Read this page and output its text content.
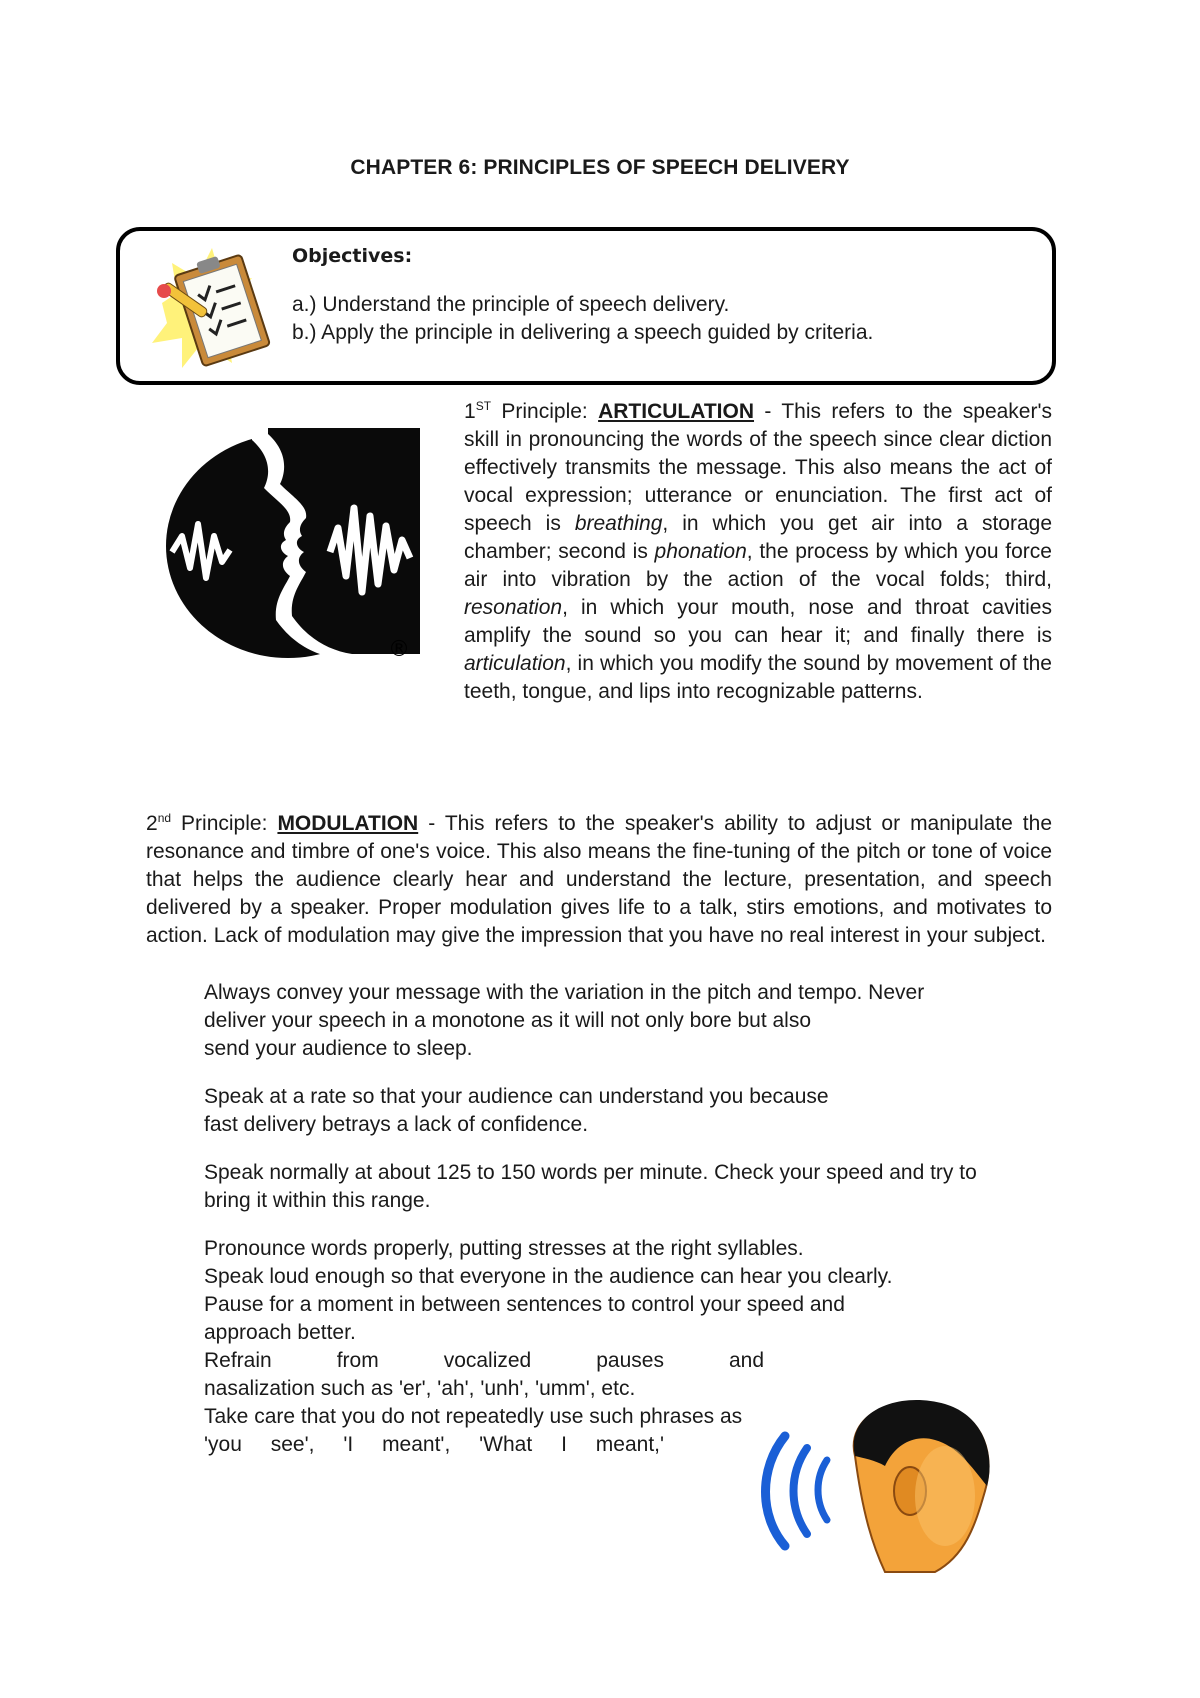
CHAPTER 6: PRINCIPLES OF SPEECH DELIVERY
Objectives:
a.) Understand the principle of speech delivery.
b.) Apply the principle in delivering a speech guided by criteria.
®

1ST Principle: ARTICULATION - This refers to the speaker's skill in pronouncing the words of the speech since clear diction effectively transmits the message. This also means the act of vocal expression; utterance or enunciation. The first act of speech is breathing, in which you get air into a storage chamber; second is phonation, the process by which you force air into vibration by the action of the vocal folds; third, resonation, in which your mouth, nose and throat cavities amplify the sound so you can hear it; and finally there is articulation, in which you modify the sound by movement of the teeth, tongue, and lips into recognizable patterns.

2nd Principle: MODULATION - This refers to the speaker's ability to adjust or manipulate the resonance and timbre of one's voice. This also means the fine-tuning of the pitch or tone of voice that helps the audience clearly hear and understand the lecture, presentation, and speech delivered by a speaker. Proper modulation gives life to a talk, stirs emotions, and motivates to action. Lack of modulation may give the impression that you have no real interest in your subject.

Always convey your message with the variation in the pitch and tempo. Never

deliver your speech in a monotone as it will not only bore but also

send your audience to sleep.

Speak at a rate so that your audience can understand you because

fast delivery betrays a lack of confidence.

Speak normally at about 125 to 150 words per minute. Check your speed and try to

bring it within this range.

Pronounce words properly, putting stresses at the right syllables.

Speak loud enough so that everyone in the audience can hear you clearly.

Pause for a moment in between sentences to control your speed and

approach better.

Refrain from vocalized pauses and

nasalization such as 'er', 'ah', 'unh', 'umm', etc.

Take care that you do not repeatedly use such phrases as

'you see', 'I meant', 'What I meant,'
